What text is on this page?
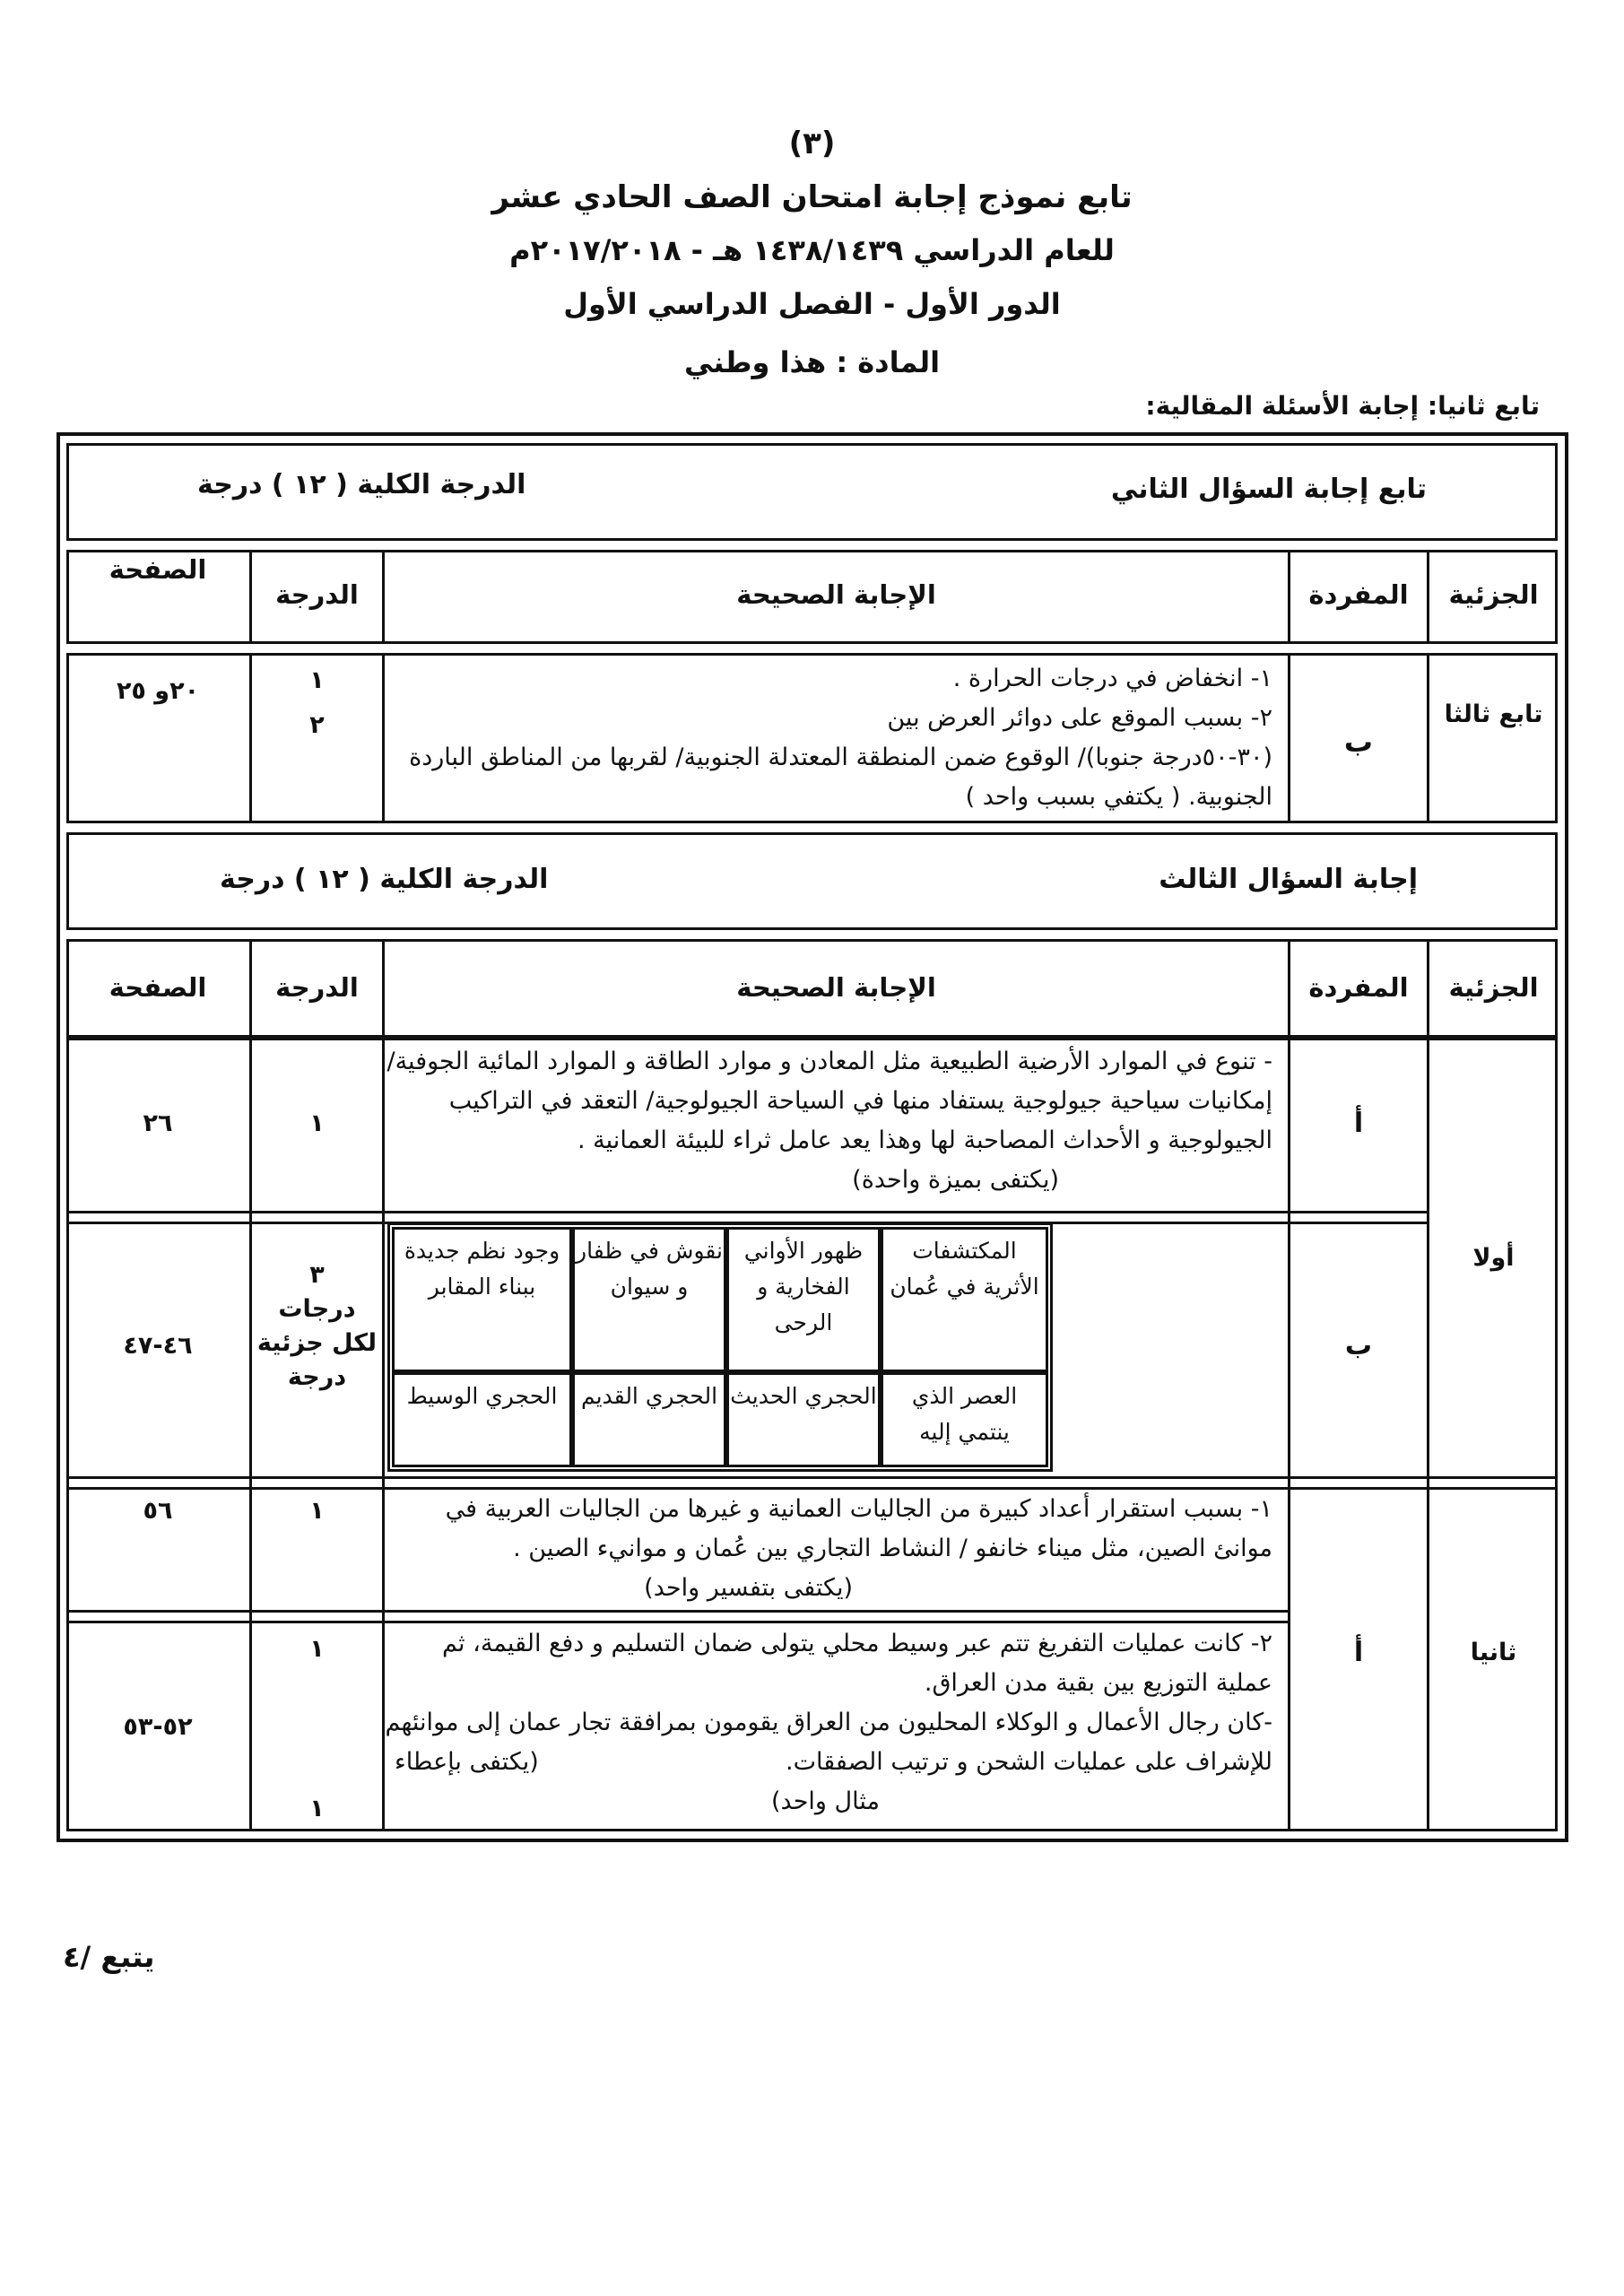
(٣)
تابع نموذج إجابة امتحان الصف الحادي عشر
للعام الدراسي ١٤٣٨/١٤٣٩ هـ - ٢٠١٧/٢٠١٨م
الدور الأول - الفصل الدراسي الأول
المادة : هذا وطني
تابع ثانيا: إجابة الأسئلة المقالية:
تابع إجابة السؤال الثاني
الدرجة الكلية ( ١٢ ) درجة
الجزئية
المفردة
الإجابة الصحيحة
الدرجة
الصفحة
تابع ثالثا
ب
١- انخفاض في درجات الحرارة .
٢- بسبب الموقع على دوائر العرض بين
(٣٠-٥٠درجة جنوبا)/ الوقوع ضمن المنطقة المعتدلة الجنوبية/ لقربها من المناطق الباردة
الجنوبية. ( يكتفي بسبب واحد )
١
٢
٢٠و ٢٥
إجابة السؤال الثالث
الدرجة الكلية ( ١٢ ) درجة
الجزئية
المفردة
الإجابة الصحيحة
الدرجة
الصفحة
أولا
ثانيا
أ
- تنوع في الموارد الأرضية الطبيعية مثل المعادن و موارد الطاقة و الموارد المائية الجوفية/
إمكانيات سياحية جيولوجية يستفاد منها في السياحة الجيولوجية/ التعقد في التراكيب
الجيولوجية و الأحداث المصاحبة لها وهذا يعد عامل ثراء للبيئة العمانية .
(يكتفى بميزة واحدة)
١
٢٦
ب
٣
درجات
لكل جزئية
درجة
٤٦-٤٧
المكتشفات الأثرية في عُمان
ظهور الأواني الفخارية و الرحى
نقوش في ظفار و سيوان
وجود نظم جديدة ببناء المقابر
العصر الذي ينتمي إليه
الحجري الحديث
الحجري القديم
الحجري الوسيط
أ
١- بسبب استقرار أعداد كبيرة من الجاليات العمانية و غيرها من الجاليات العربية في
موانئ الصين، مثل ميناء خانفو / النشاط التجاري بين عُمان و موانيء الصين .
(يكتفى بتفسير واحد)
١
٥٦
٢- كانت عمليات التفريغ تتم عبر وسيط محلي يتولى ضمان التسليم و دفع القيمة، ثم
عملية التوزيع بين بقية مدن العراق.
-كان رجال الأعمال و الوكلاء المحليون من العراق يقومون بمرافقة تجار عمان إلى موانئهم
للإشراف على عمليات الشحن و ترتيب الصفقات.
(يكتفى بإعطاء
مثال واحد)
١
١
٥٢-٥٣
يتبع /٤
